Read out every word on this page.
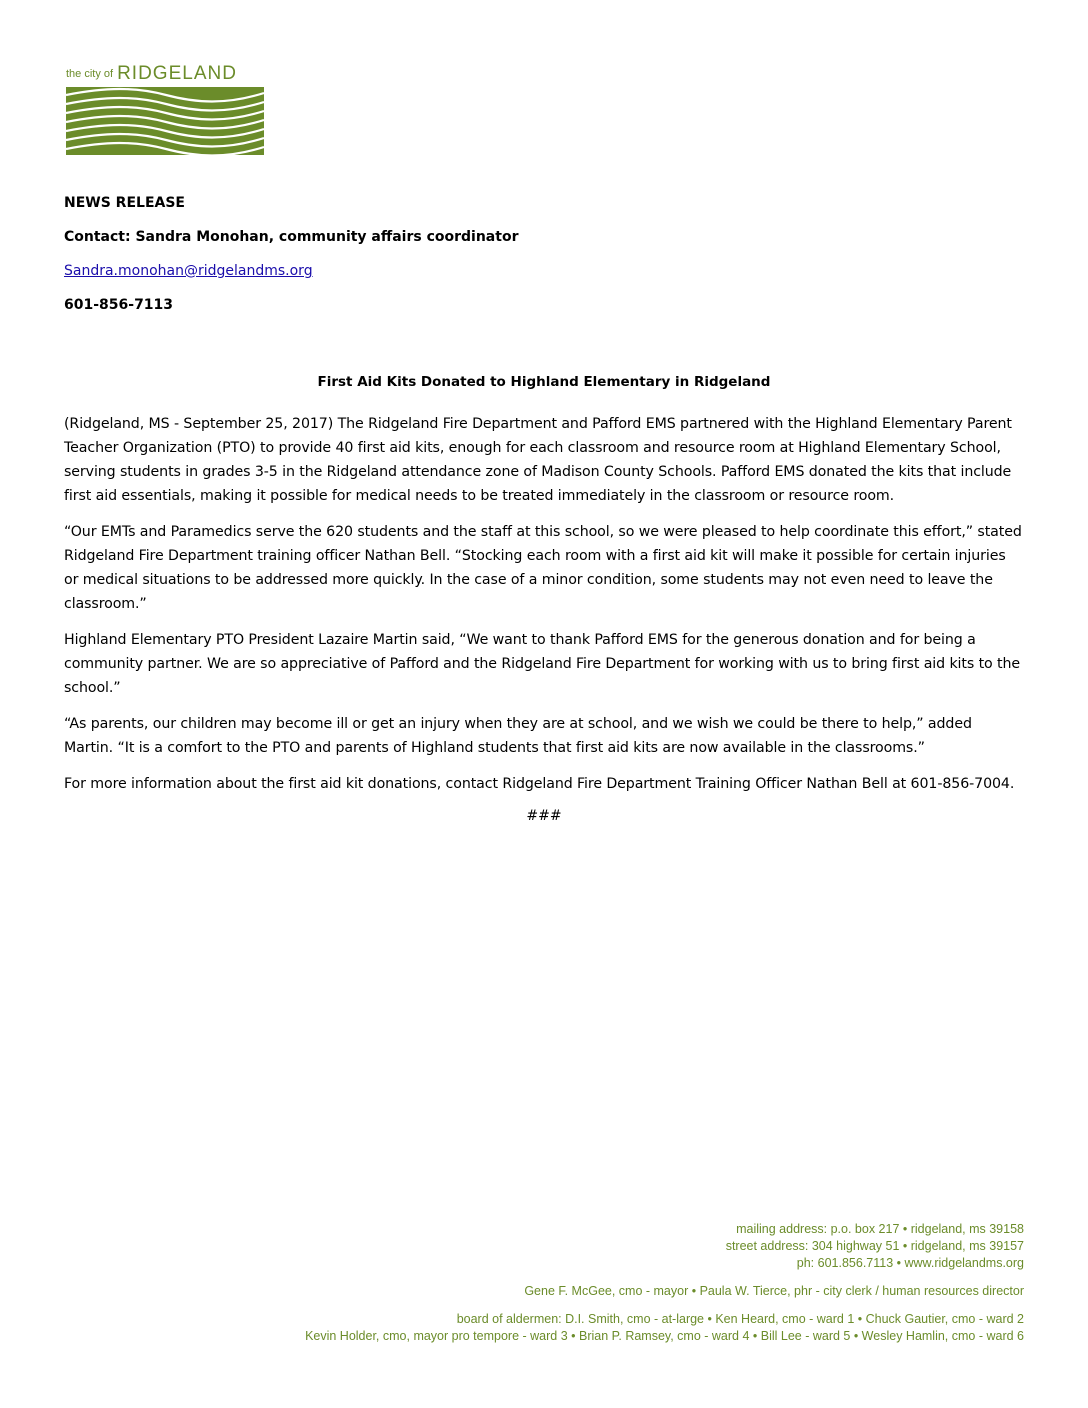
the city of RIDGELAND
NEWS RELEASE
Contact: Sandra Monohan, community affairs coordinator
Sandra.monohan@ridgelandms.org
601-856-7113
First Aid Kits Donated to Highland Elementary in Ridgeland

(Ridgeland, MS - September 25, 2017) The Ridgeland Fire Department and Pafford EMS partnered with the Highland Elementary Parent Teacher Organization (PTO) to provide 40 first aid kits, enough for each classroom and resource room at Highland Elementary School, serving students in grades 3-5 in the Ridgeland attendance zone of Madison County Schools. Pafford EMS donated the kits that include first aid essentials, making it possible for medical needs to be treated immediately in the classroom or resource room.

“Our EMTs and Paramedics serve the 620 students and the staff at this school, so we were pleased to help coordinate this effort,” stated Ridgeland Fire Department training officer Nathan Bell. “Stocking each room with a first aid kit will make it possible for certain injuries or medical situations to be addressed more quickly. In the case of a minor condition, some students may not even need to leave the classroom.”

Highland Elementary PTO President Lazaire Martin said, “We want to thank Pafford EMS for the generous donation and for being a community partner. We are so appreciative of Pafford and the Ridgeland Fire Department for working with us to bring first aid kits to the school.”

“As parents, our children may become ill or get an injury when they are at school, and we wish we could be there to help,” added Martin. “It is a comfort to the PTO and parents of Highland students that first aid kits are now available in the classrooms.”

For more information about the first aid kit donations, contact Ridgeland Fire Department Training Officer Nathan Bell at 601-856-7004.

###
mailing address: p.o. box 217 • ridgeland, ms 39158
street address: 304 highway 51 • ridgeland, ms 39157
ph: 601.856.7113 • www.ridgelandms.org
Gene F. McGee, cmo - mayor • Paula W. Tierce, phr - city clerk / human resources director
board of aldermen: D.I. Smith, cmo - at-large • Ken Heard, cmo - ward 1 • Chuck Gautier, cmo - ward 2
Kevin Holder, cmo, mayor pro tempore - ward 3 • Brian P. Ramsey, cmo - ward 4 • Bill Lee - ward 5 • Wesley Hamlin, cmo - ward 6
